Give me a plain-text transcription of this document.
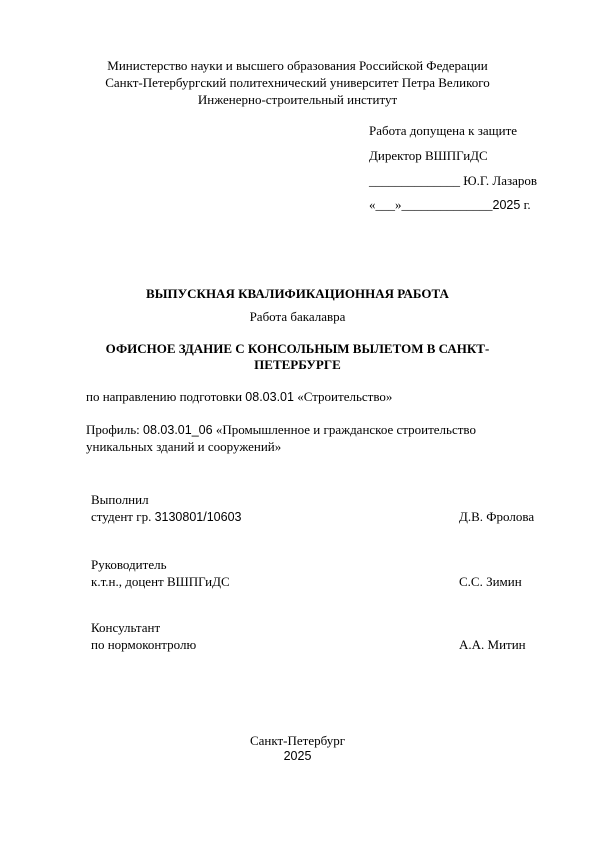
Министерство науки и высшего образования Российской Федерации
Санкт-Петербургский политехнический университет Петра Великого
Инженерно-строительный институт
Работа допущена к защите
Директор ВШПГиДС
______________ Ю.Г. Лазаров
«___»______________2025 г.
ВЫПУСКНАЯ КВАЛИФИКАЦИОННАЯ РАБОТА
Работа бакалавра
ОФИСНОЕ ЗДАНИЕ С КОНСОЛЬНЫМ ВЫЛЕТОМ В САНКТ-
ПЕТЕРБУРГЕ
по направлению подготовки 08.03.01 «Строительство»
Профиль: 08.03.01_06 «Промышленное и гражданское строительство
уникальных зданий и сооружений»
Выполнил
студент гр. 3130801/10603	Д.В. Фролова
Руководитель
к.т.н., доцент ВШПГиДС	С.С. Зимин
Консультант
по нормоконтролю	А.А. Митин
Санкт-Петербург
2025
